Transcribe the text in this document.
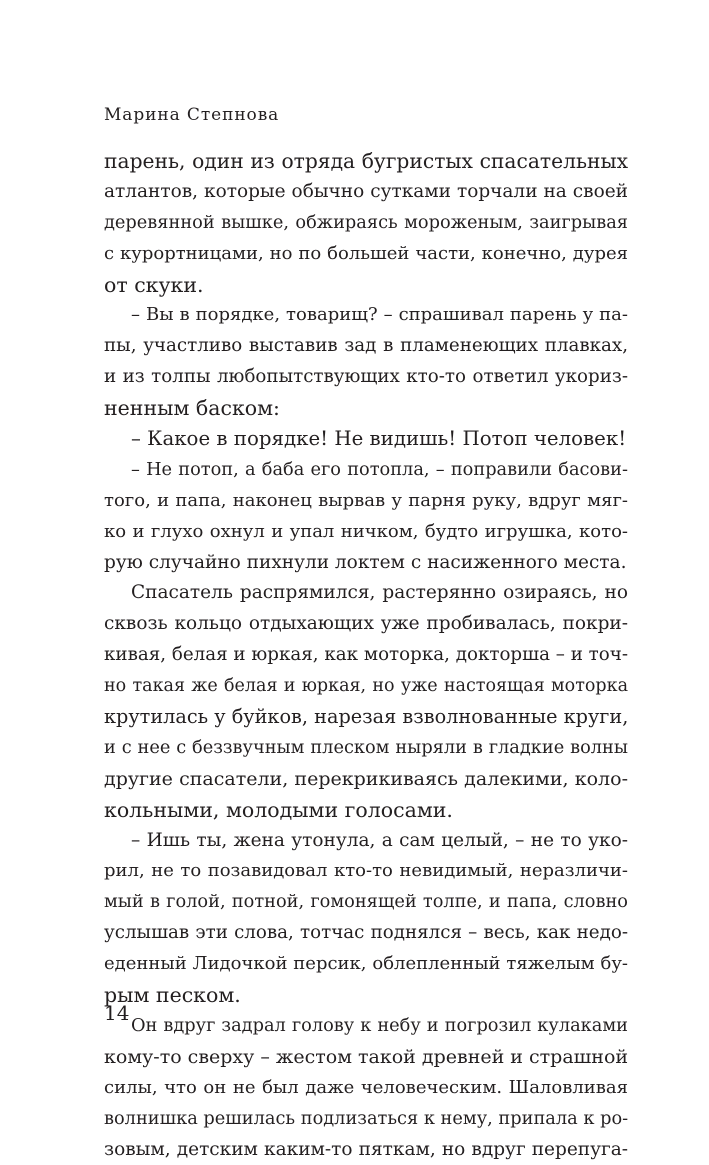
Марина Степнова
парень, один из отряда бугристых спасательных
атлантов, которые обычно сутками торчали на своей
деревянной вышке, обжираясь мороженым, заигрывая
с курортницами, но по большей части, конечно, дурея
от скуки.
– Вы в порядке, товарищ? – спрашивал парень у па-
пы, участливо выставив зад в пламенеющих плавках,
и из толпы любопытствующих кто-то ответил укориз-
ненным баском:
– Какое в порядке! Не видишь! Потоп человек!
– Не потоп, а баба его потопла, – поправили басови-
того, и папа, наконец вырвав у парня руку, вдруг мяг-
ко и глухо охнул и упал ничком, будто игрушка, кото-
рую случайно пихнули локтем с насиженного места.
Спасатель распрямился, растерянно озираясь, но
сквозь кольцо отдыхающих уже пробивалась, покри-
кивая, белая и юркая, как моторка, докторша – и точ-
но такая же белая и юркая, но уже настоящая моторка
крутилась у буйков, нарезая взволнованные круги,
и с нее с беззвучным плеском ныряли в гладкие волны
другие спасатели, перекрикиваясь далекими, коло-
кольными, молодыми голосами.
– Ишь ты, жена утонула, а сам целый, – не то уко-
рил, не то позавидовал кто-то невидимый, неразличи-
мый в голой, потной, гомонящей толпе, и папа, словно
услышав эти слова, тотчас поднялся – весь, как недо-
еденный Лидочкой персик, облепленный тяжелым бу-
рым песком.
Он вдруг задрал голову к небу и погрозил кулаками
кому-то сверху – жестом такой древней и страшной
силы, что он не был даже человеческим. Шаловливая
волнишка решилась подлизаться к нему, припала к ро-
зовым, детским каким-то пяткам, но вдруг перепуга-
14
